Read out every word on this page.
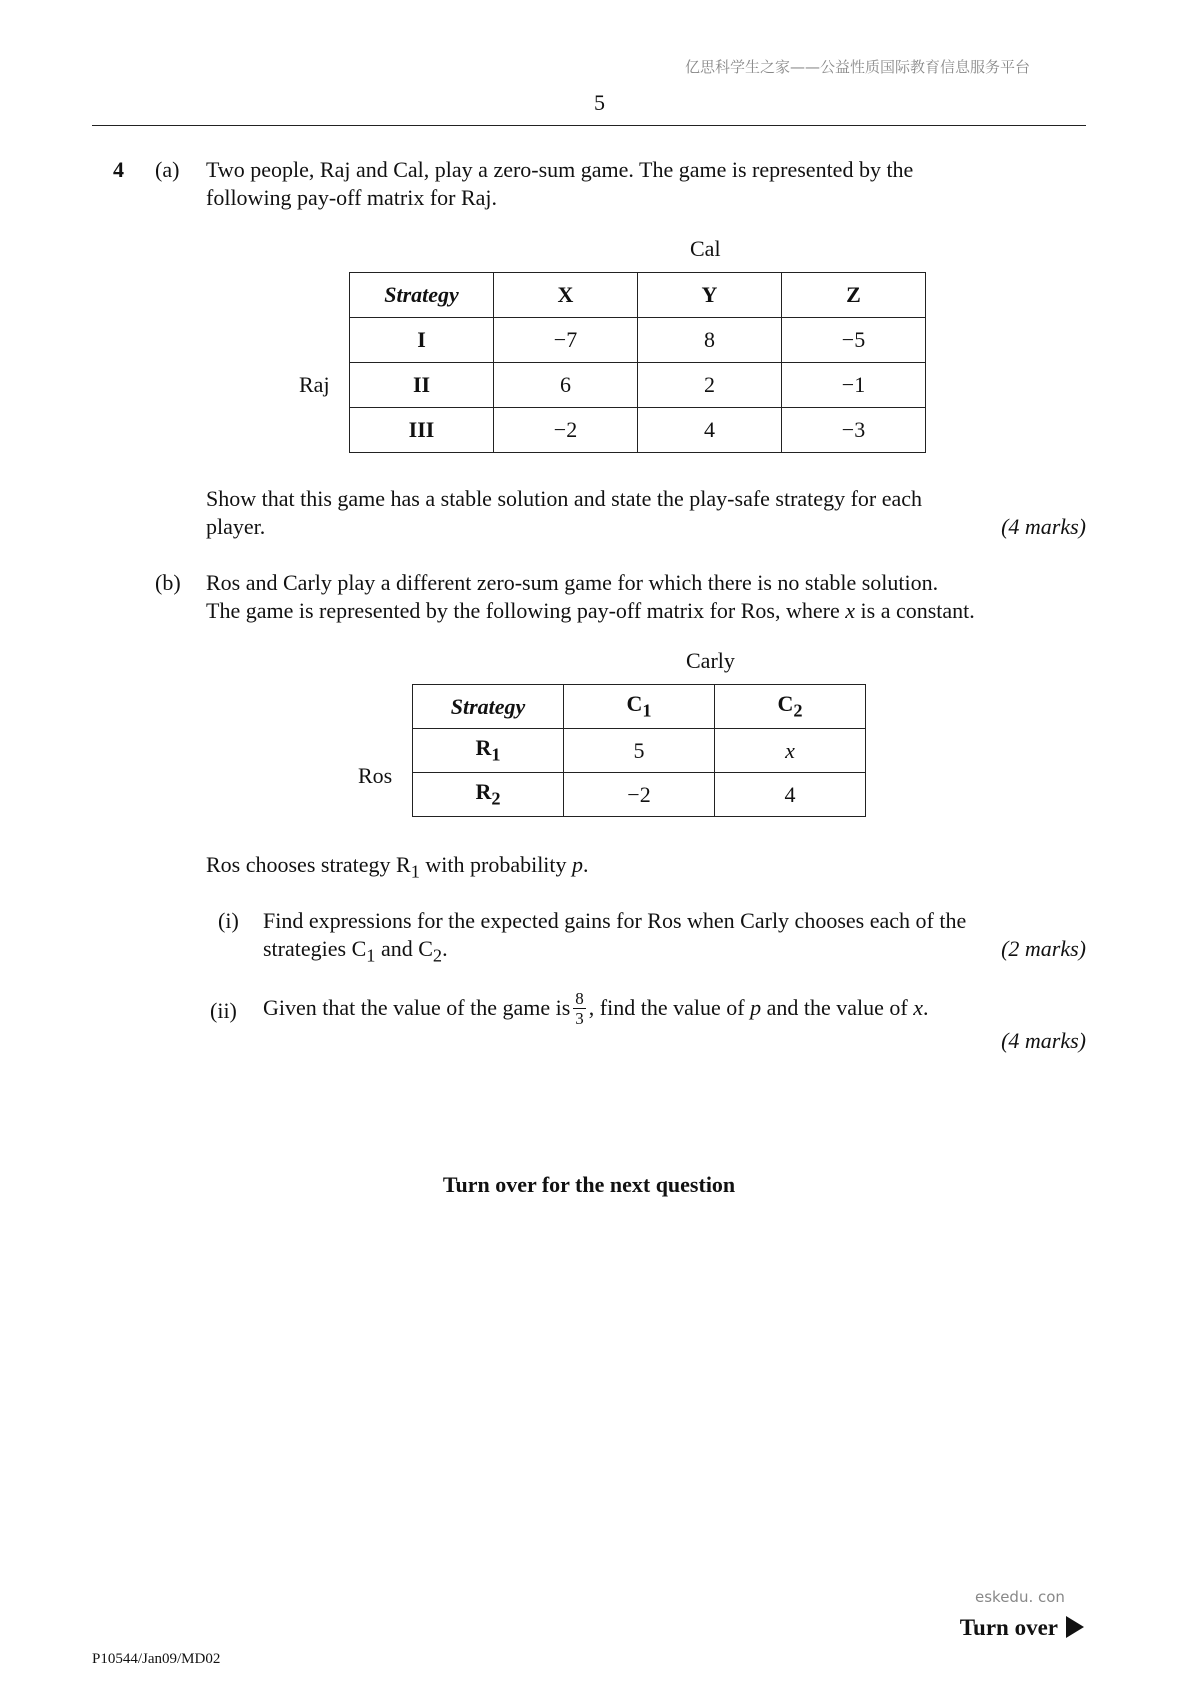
亿思科学生之家——公益性质国际教育信息服务平台
5
4 (a) Two people, Raj and Cal, play a zero-sum game. The game is represented by the
following pay-off matrix for Raj.
Cal
Raj
Strategy	X	Y	Z
I	−7	8	−5
II	6	2	−1
III	−2	4	−3
Show that this game has a stable solution and state the play-safe strategy for each
player.	(4 marks)
(b) Ros and Carly play a different zero-sum game for which there is no stable solution.
The game is represented by the following pay-off matrix for Ros, where x is a constant.
Carly
Ros
Strategy	$C_1$	$C_2$
$R_1$	5	x
$R_2$	−2	4
Ros chooses strategy $R_1$ with probability p.
(i) Find expressions for the expected gains for Ros when Carly chooses each of the
strategies $C_1$ and $C_2$.	(2 marks)
(ii) Given that the value of the game is $\frac{8}{3}$ , find the value of
p
and the value of
x .
(4 marks)
Turn over for the next question
eskedu. con
Turn over
P10544/Jan09/MD02
